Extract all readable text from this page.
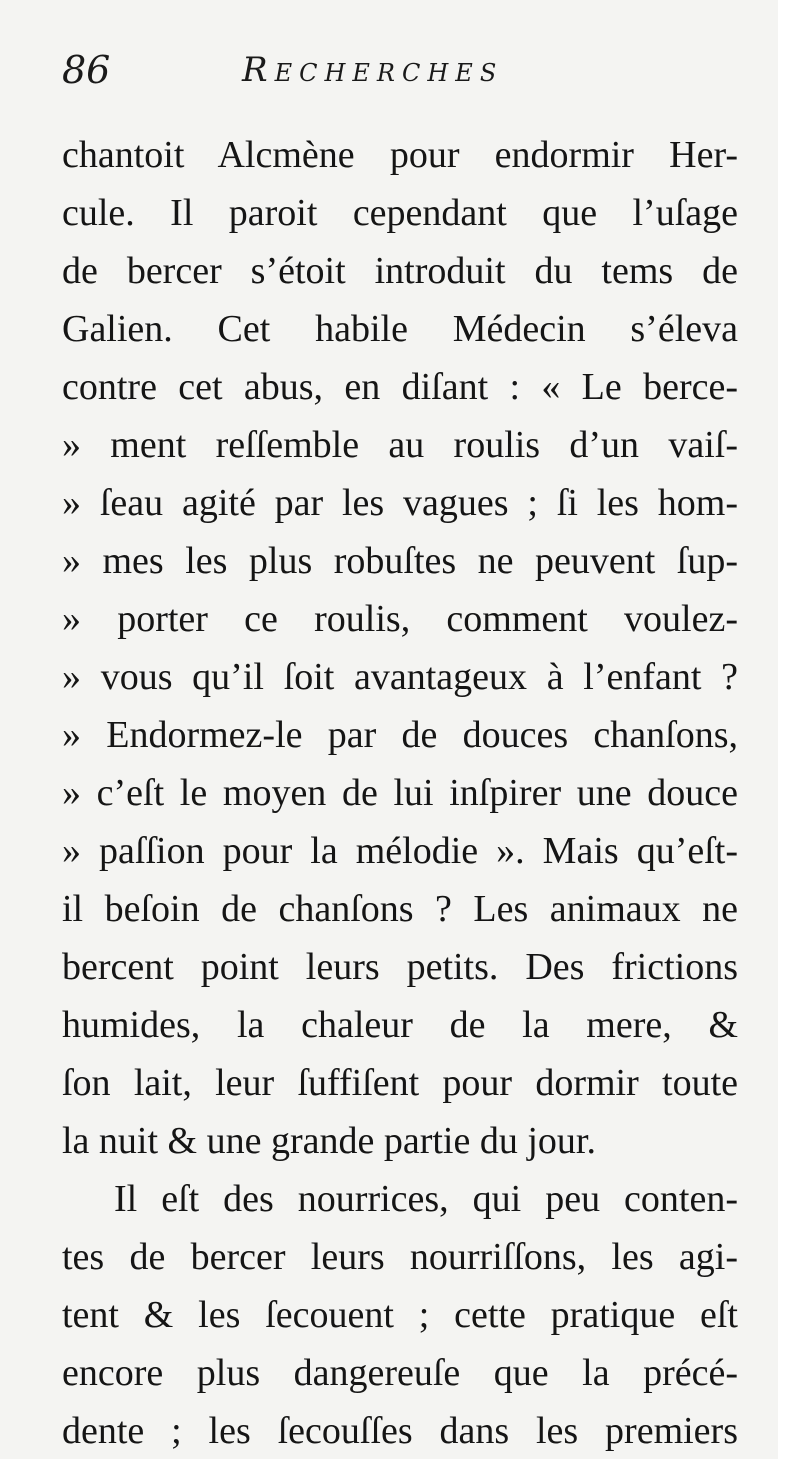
86	Recherches
chantoit Alcmène pour endormir Her-
cule. Il paroit cependant que l’uſage
de bercer s’étoit introduit du tems de
Galien. Cet habile Médecin s’éleva
contre cet abus, en diſant : « Le berce-
» ment reſſemble au roulis d’un vaiſ-
» ſeau agité par les vagues ; ſi les hom-
» mes les plus robuſtes ne peuvent ſup-
» porter ce roulis, comment voulez-
» vous qu’il ſoit avantageux à l’enfant ?
» Endormez-le par de douces chanſons,
» c’eſt le moyen de lui inſpirer une douce
» paſſion pour la mélodie ». Mais qu’eſt-
il beſoin de chanſons ? Les animaux ne
bercent point leurs petits. Des frictions
humides, la chaleur de la mere, &
ſon lait, leur ſuffiſent pour dormir toute
la nuit & une grande partie du jour.
Il eſt des nourrices, qui peu conten-
tes de bercer leurs nourriſſons, les agi-
tent & les ſecouent ; cette pratique eſt
encore plus dangereuſe que la précé-
dente ; les ſecouſſes dans les premiers
